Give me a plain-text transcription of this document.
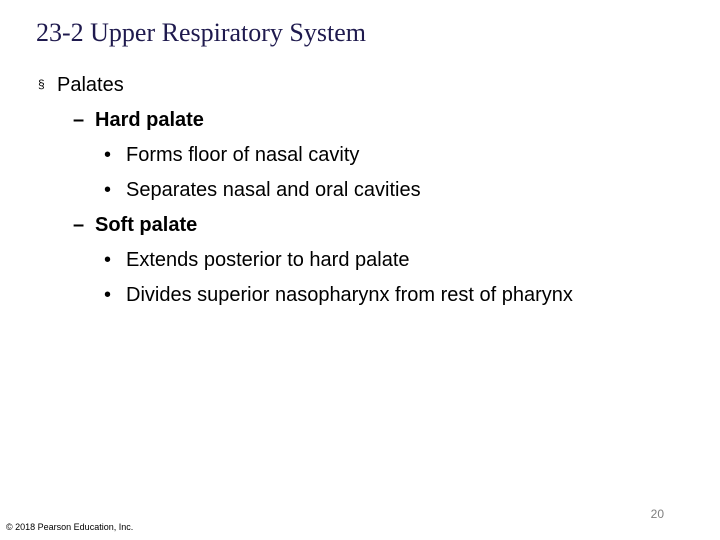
23-2 Upper Respiratory System
§ Palates
– Hard palate
• Forms floor of nasal cavity
• Separates nasal and oral cavities
– Soft palate
• Extends posterior to hard palate
• Divides superior nasopharynx from rest of pharynx
20
© 2018 Pearson Education, Inc.
